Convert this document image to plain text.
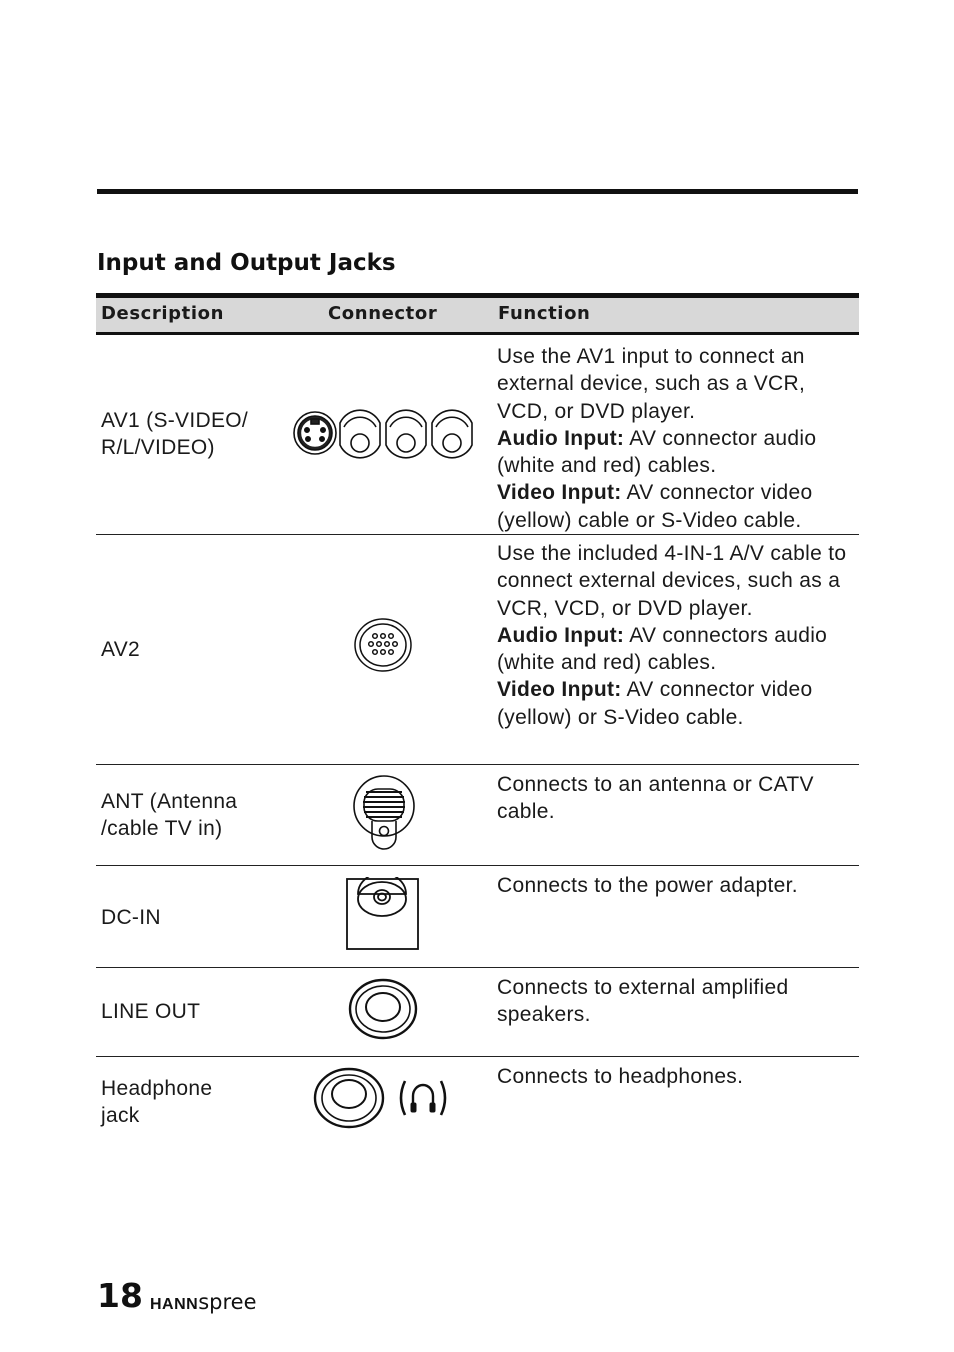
Input and Output Jacks
Description	Connector	Function
AV1 (S-VIDEO/
R/L/VIDEO)
Use the AV1 input to connect an external device, such as a VCR, VCD, or DVD player.
Audio Input: AV connector audio (white and red) cables.
Video Input: AV connector video (yellow) cable or S-Video cable.
AV2
Use the included 4-IN-1 A/V cable to connect external devices, such as a VCR, VCD, or DVD player.
Audio Input: AV connectors audio (white and red) cables.
Video Input: AV connector video (yellow) or S-Video cable.
ANT (Antenna
/cable TV in)
Connects to an antenna or CATV cable.
DC-IN
Connects to the power adapter.
LINE OUT
Connects to external amplified speakers.
Headphone
jack
Connects to headphones.
18 HANNspree
